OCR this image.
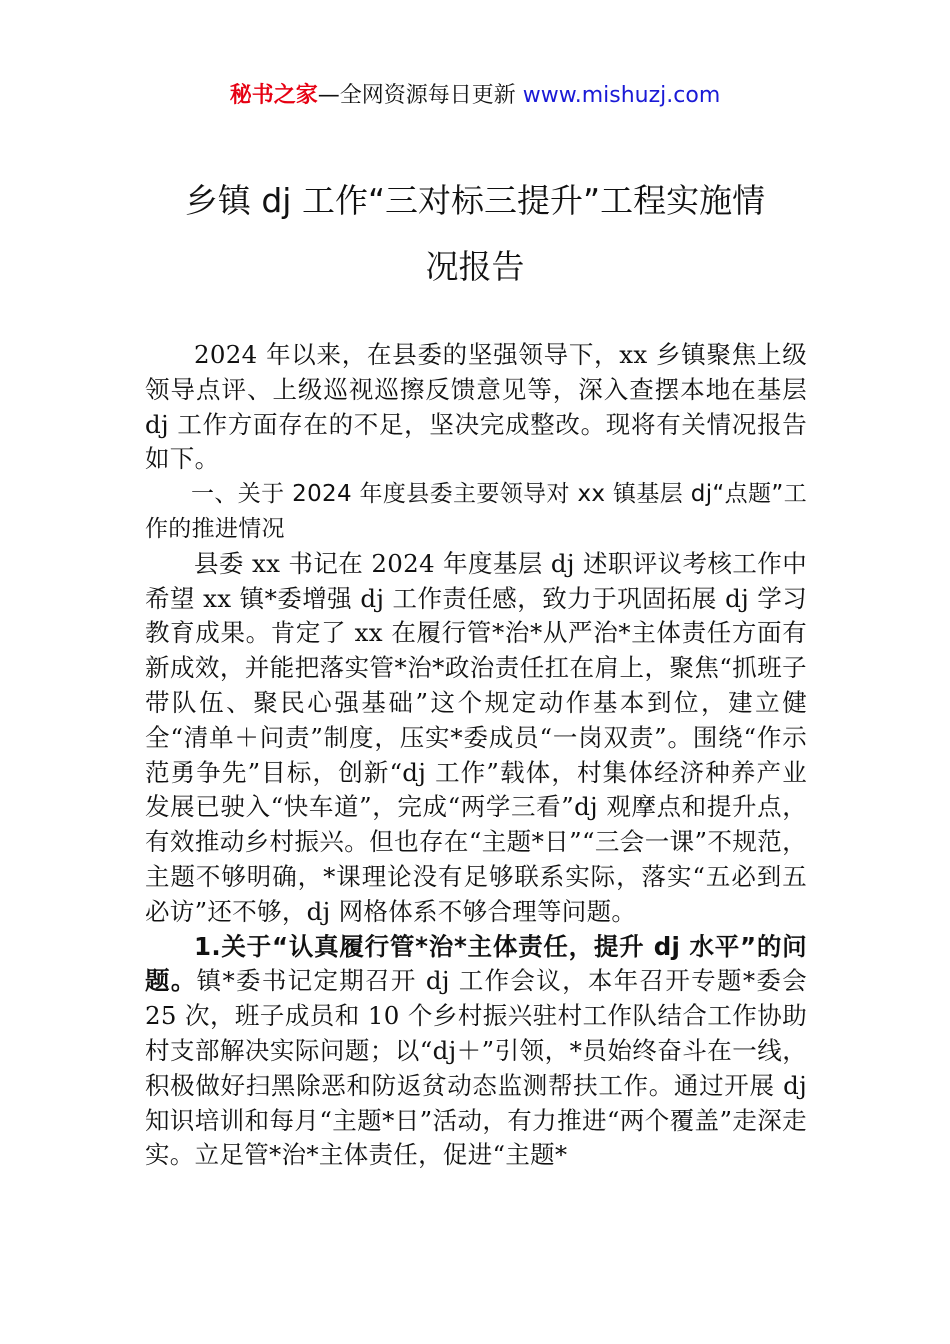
秘书之家—全网资源每日更新 www.mishuzj.com
乡镇 dj 工作“三对标三提升”工程实施情
况报告

2024 年以来，在县委的坚强领导下，xx 乡镇聚焦上级领导点评、上级巡视巡擦反馈意见等，深入查摆本地在基层 dj 工作方面存在的不足，坚决完成整改。现将有关情况报告如下。

一、关于 2024 年度县委主要领导对 xx 镇基层 dj“点题”工作的推进情况

县委 xx 书记在 2024 年度基层 dj 述职评议考核工作中希望 xx 镇*委增强 dj 工作责任感，致力于巩固拓展 dj 学习教育成果。肯定了 xx 在履行管*治*从严治*主体责任方面有新成效，并能把落实管*治*政治责任扛在肩上，聚焦“抓班子带队伍、聚民心强基础”这个规定动作基本到位，建立健全“清单＋问责”制度，压实*委成员“一岗双责”。围绕“作示范勇争先”目标，创新“dj 工作”载体，村集体经济种养产业发展已驶入“快车道”，完成“两学三看”dj 观摩点和提升点，有效推动乡村振兴。但也存在“主题*日”“三会一课”不规范，主题不够明确，*课理论没有足够联系实际，落实“五必到五必访”还不够，dj 网格体系不够合理等问题。

1.关于“认真履行管*治*主体责任，提升 dj 水平”的问题。镇*委书记定期召开 dj 工作会议，本年召开专题*委会 25 次，班子成员和 10 个乡村振兴驻村工作队结合工作协助村支部解决实际问题；以“dj＋”引领，*员始终奋斗在一线，积极做好扫黑除恶和防返贫动态监测帮扶工作。通过开展 dj 知识培训和每月“主题*日”活动，有力推进“两个覆盖”走深走实。立足管*治*主体责任，促进“主题*
